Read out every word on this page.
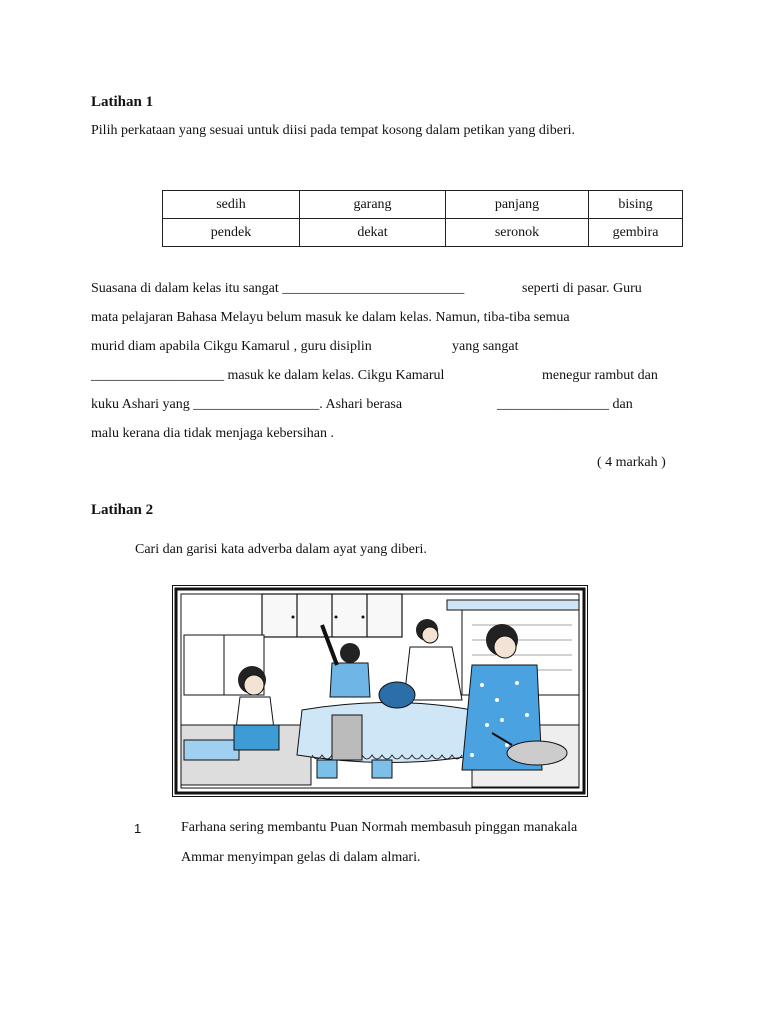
Latihan 1
Pilih perkataan yang sesuai untuk diisi pada tempat kosong dalam petikan yang diberi.
sedih	garang	panjang	bising
pendek	dekat	seronok	gembira
Suasana di dalam kelas itu sangat __________________________	seperti di pasar. Guru
mata pelajaran Bahasa Melayu belum masuk ke dalam kelas. Namun, tiba-tiba semua
murid diam apabila Cikgu Kamarul , guru disiplin	yang sangat
___________________ masuk ke dalam kelas. Cikgu Kamarul	menegur rambut dan
kuku Ashari yang __________________. Ashari berasa	________________ dan
malu kerana dia tidak menjaga kebersihan .
( 4 markah )
Latihan 2
Cari dan garisi kata adverba dalam ayat yang diberi.
1	Farhana sering membantu Puan Normah membasuh pinggan manakala
Ammar menyimpan gelas di dalam almari.
